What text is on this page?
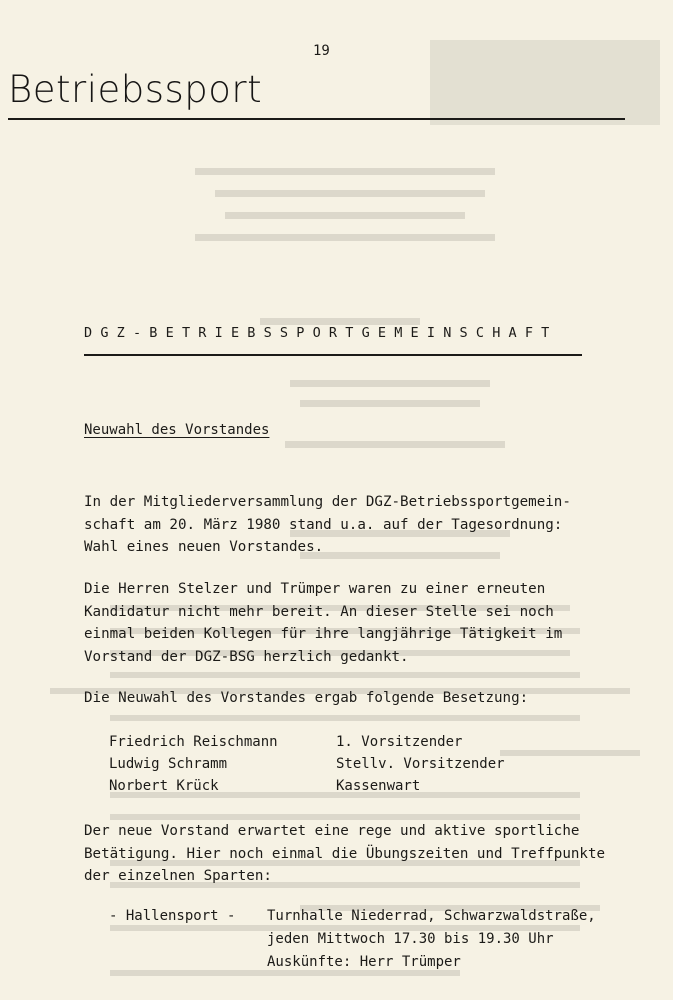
19
Betriebssport
DGZ-BETRIEBSSPORTGEMEINSCHAFT
Neuwahl des Vorstandes
In der Mitgliederversammlung der DGZ-Betriebssportgemein-
schaft am 20. März 1980 stand u.a. auf der Tagesordnung:
Wahl eines neuen Vorstandes.
Die Herren Stelzer und Trümper waren zu einer erneuten
Kandidatur nicht mehr bereit. An dieser Stelle sei noch
einmal beiden Kollegen für ihre langjährige Tätigkeit im
Vorstand der DGZ-BSG herzlich gedankt.
Die Neuwahl des Vorstandes ergab folgende Besetzung:
Friedrich Reischmann	1. Vorsitzender
Ludwig Schramm	Stellv. Vorsitzender
Norbert Krück	Kassenwart
Der neue Vorstand erwartet eine rege und aktive sportliche
Betätigung. Hier noch einmal die Übungszeiten und Treffpunkte
der einzelnen Sparten:
- Hallensport - Turnhalle Niederrad, Schwarzwaldstraße,
jeden Mittwoch 17.30 bis 19.30 Uhr
Auskünfte: Herr Trümper
